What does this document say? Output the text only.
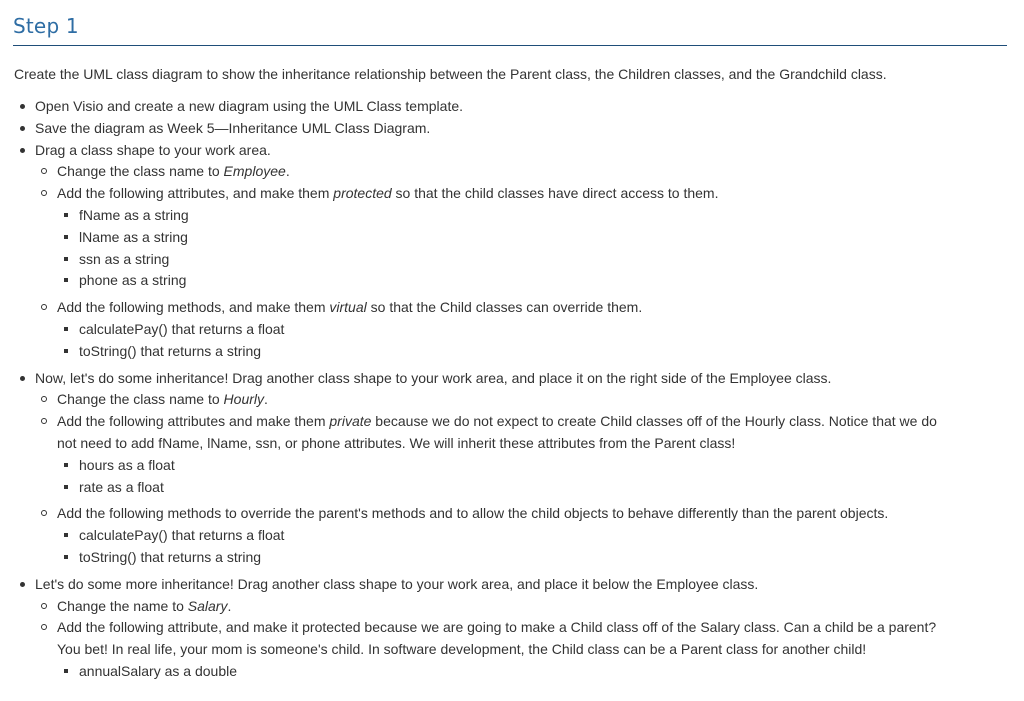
Step 1

Create the UML class diagram to show the inheritance relationship between the Parent class, the Children classes, and the Grandchild class.

Open Visio and create a new diagram using the UML Class template.
Save the diagram as Week 5—Inheritance UML Class Diagram.
Drag a class shape to your work area.
Change the class name to Employee.
Add the following attributes, and make them protected so that the child classes have direct access to them.
fName as a string
lName as a string
ssn as a string
phone as a string
Add the following methods, and make them virtual so that the Child classes can override them.
calculatePay() that returns a float
toString() that returns a string
Now, let's do some inheritance! Drag another class shape to your work area, and place it on the right side of the Employee class.
Change the class name to Hourly.
Add the following attributes and make them private because we do not expect to create Child classes off of the Hourly class. Notice that we do
not need to add fName, lName, ssn, or phone attributes. We will inherit these attributes from the Parent class!
hours as a float
rate as a float
Add the following methods to override the parent's methods and to allow the child objects to behave differently than the parent objects.
calculatePay() that returns a float
toString() that returns a string
Let's do some more inheritance! Drag another class shape to your work area, and place it below the Employee class.
Change the name to Salary.
Add the following attribute, and make it protected because we are going to make a Child class off of the Salary class. Can a child be a parent?
You bet! In real life, your mom is someone's child. In software development, the Child class can be a Parent class for another child!
annualSalary as a double
